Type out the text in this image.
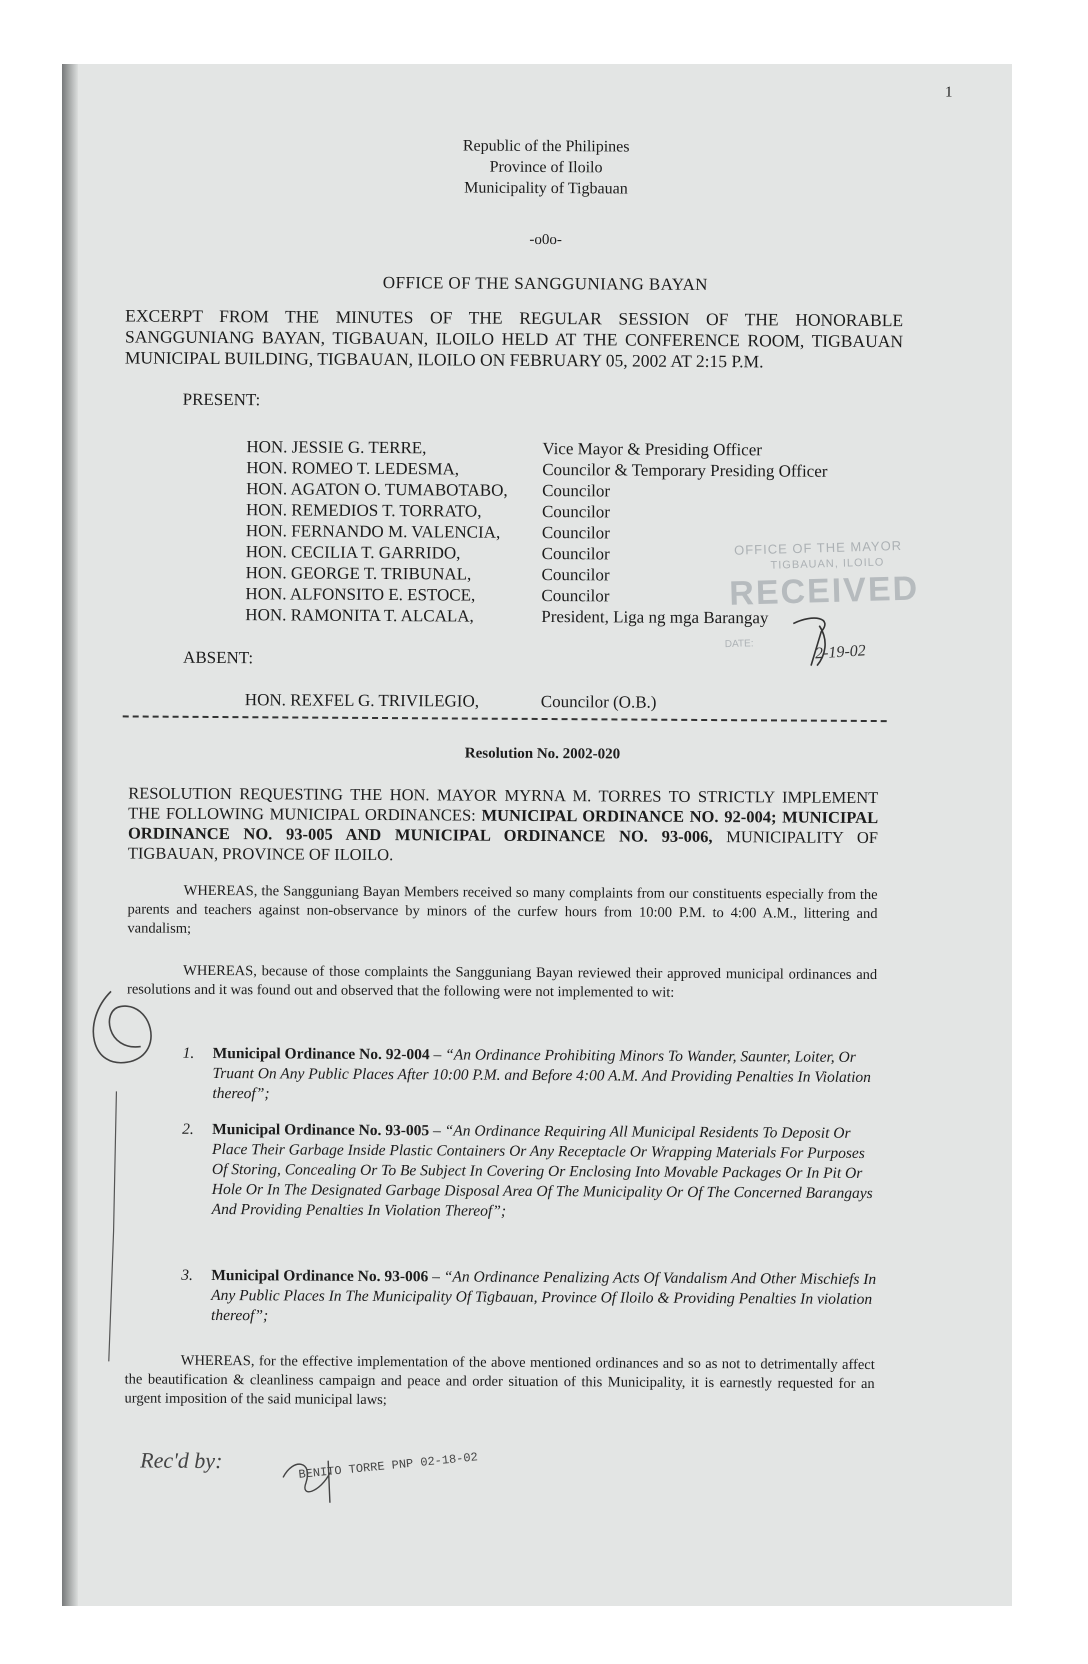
1
Republic of the Philipines
Province of Iloilo
Municipality of Tigbauan
-o0o-
OFFICE OF THE SANGGUNIANG BAYAN
EXCERPT FROM THE MINUTES OF THE REGULAR SESSION OF THE HONORABLE SANGGUNIANG BAYAN, TIGBAUAN, ILOILO HELD AT THE CONFERENCE ROOM, TIGBAUAN MUNICIPAL BUILDING, TIGBAUAN, ILOILO ON FEBRUARY 05, 2002 AT 2:15 P.M.
PRESENT:
HON. JESSIE G. TERRE,	Vice Mayor & Presiding Officer
HON. ROMEO T. LEDESMA,	Councilor & Temporary Presiding Officer
HON. AGATON O. TUMABOTABO,	Councilor
HON. REMEDIOS T. TORRATO,	Councilor
HON. FERNANDO M. VALENCIA,	Councilor
HON. CECILIA T. GARRIDO,	Councilor
HON. GEORGE T. TRIBUNAL,	Councilor
HON. ALFONSITO E. ESTOCE,	Councilor
HON. RAMONITA T. ALCALA,	President, Liga ng mga Barangay
ABSENT:
HON. REXFEL G. TRIVILEGIO,	Councilor (O.B.)
Resolution No. 2002-020
RESOLUTION REQUESTING THE HON. MAYOR MYRNA M. TORRES TO STRICTLY IMPLEMENT THE FOLLOWING MUNICIPAL ORDINANCES: MUNICIPAL ORDINANCE NO. 92-004; MUNICIPAL ORDINANCE NO. 93-005 AND MUNICIPAL ORDINANCE NO. 93-006, MUNICIPALITY OF TIGBAUAN, PROVINCE OF ILOILO.
WHEREAS, the Sangguniang Bayan Members received so many complaints from our constituents especially from the parents and teachers against non-observance by minors of the curfew hours from 10:00 P.M. to 4:00 A.M., littering and vandalism;
WHEREAS, because of those complaints the Sangguniang Bayan reviewed their approved municipal ordinances and resolutions and it was found out and observed that the following were not implemented to wit:
1. Municipal Ordinance No. 92-004 – “An Ordinance Prohibiting Minors To Wander, Saunter, Loiter, Or Truant On Any Public Places After 10:00 P.M. and Before 4:00 A.M. And Providing Penalties In Violation thereof”;
2. Municipal Ordinance No. 93-005 – “An Ordinance Requiring All Municipal Residents To Deposit Or Place Their Garbage Inside Plastic Containers Or Any Receptacle Or Wrapping Materials For Purposes Of Storing, Concealing Or To Be Subject In Covering Or Enclosing Into Movable Packages Or In Pit Or Hole Or In The Designated Garbage Disposal Area Of The Municipality Or Of The Concerned Barangays And Providing Penalties In Violation Thereof”;
3. Municipal Ordinance No. 93-006 – “An Ordinance Penalizing Acts Of Vandalism And Other Mischiefs In Any Public Places In The Municipality Of Tigbauan, Province Of Iloilo & Providing Penalties In violation thereof”;
WHEREAS, for the effective implementation of the above mentioned ordinances and so as not to detrimentally affect the beautification & cleanliness campaign and peace and order situation of this Municipality, it is earnestly requested for an urgent imposition of the said municipal laws;
OFFICE OF THE MAYOR
TIGBAUAN, ILOILO
RECEIVED
DATE:	2-19-02
Rec'd by:	BENITO TORRE PNP 02-18-02
